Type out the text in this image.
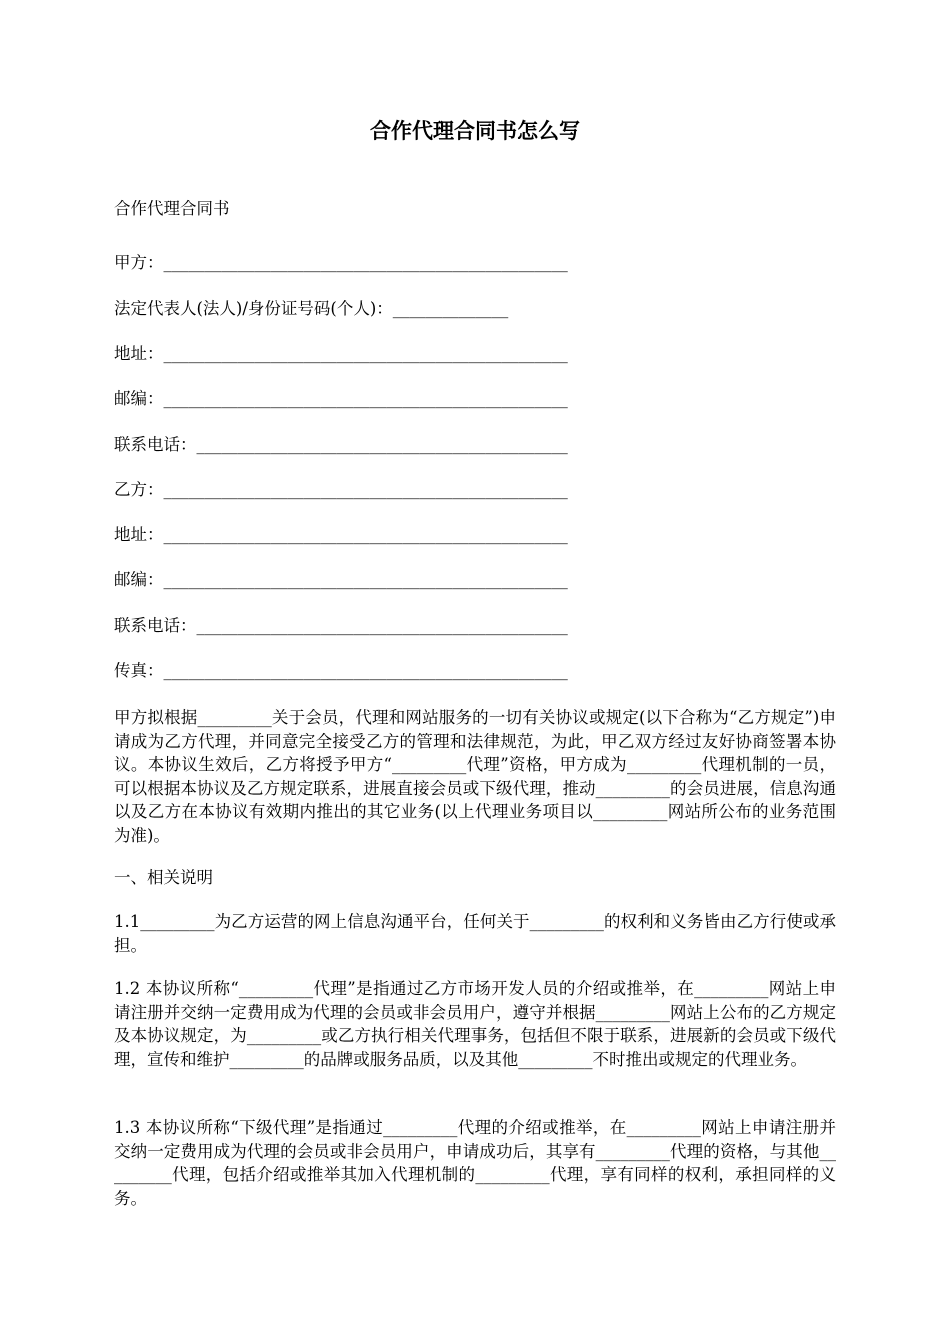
合作代理合同书怎么写
合作代理合同书
甲方：_________________________________________________
法定代表人(法人)/身份证号码(个人)：______________
地址：_________________________________________________
邮编：_________________________________________________
联系电话：_____________________________________________
乙方：_________________________________________________
地址：_________________________________________________
邮编：_________________________________________________
联系电话：_____________________________________________
传真：_________________________________________________
甲方拟根据_________关于会员，代理和网站服务的一切有关协议或规定(以下合称为“乙方规定”)申请成为乙方代理，并同意完全接受乙方的管理和法律规范，为此，甲乙双方经过友好协商签署本协议。本协议生效后，乙方将授予甲方“_________代理”资格，甲方成为_________代理机制的一员，可以根据本协议及乙方规定联系，进展直接会员或下级代理，推动_________的会员进展，信息沟通以及乙方在本协议有效期内推出的其它业务(以上代理业务项目以_________网站所公布的业务范围为准)。
一、相关说明
1.1_________为乙方运营的网上信息沟通平台，任何关于_________的权利和义务皆由乙方行使或承担。
1.2 本协议所称“_________代理”是指通过乙方市场开发人员的介绍或推举，在_________网站上申请注册并交纳一定费用成为代理的会员或非会员用户，遵守并根据_________网站上公布的乙方规定及本协议规定，为_________或乙方执行相关代理事务，包括但不限于联系，进展新的会员或下级代理，宣传和维护_________的品牌或服务品质，以及其他_________不时推出或规定的代理业务。
1.3 本协议所称“下级代理”是指通过_________代理的介绍或推举，在_________网站上申请注册并交纳一定费用成为代理的会员或非会员用户，申请成功后，其享有_________代理的资格，与其他_________代理，包括介绍或推举其加入代理机制的_________代理，享有同样的权利，承担同样的义务。
